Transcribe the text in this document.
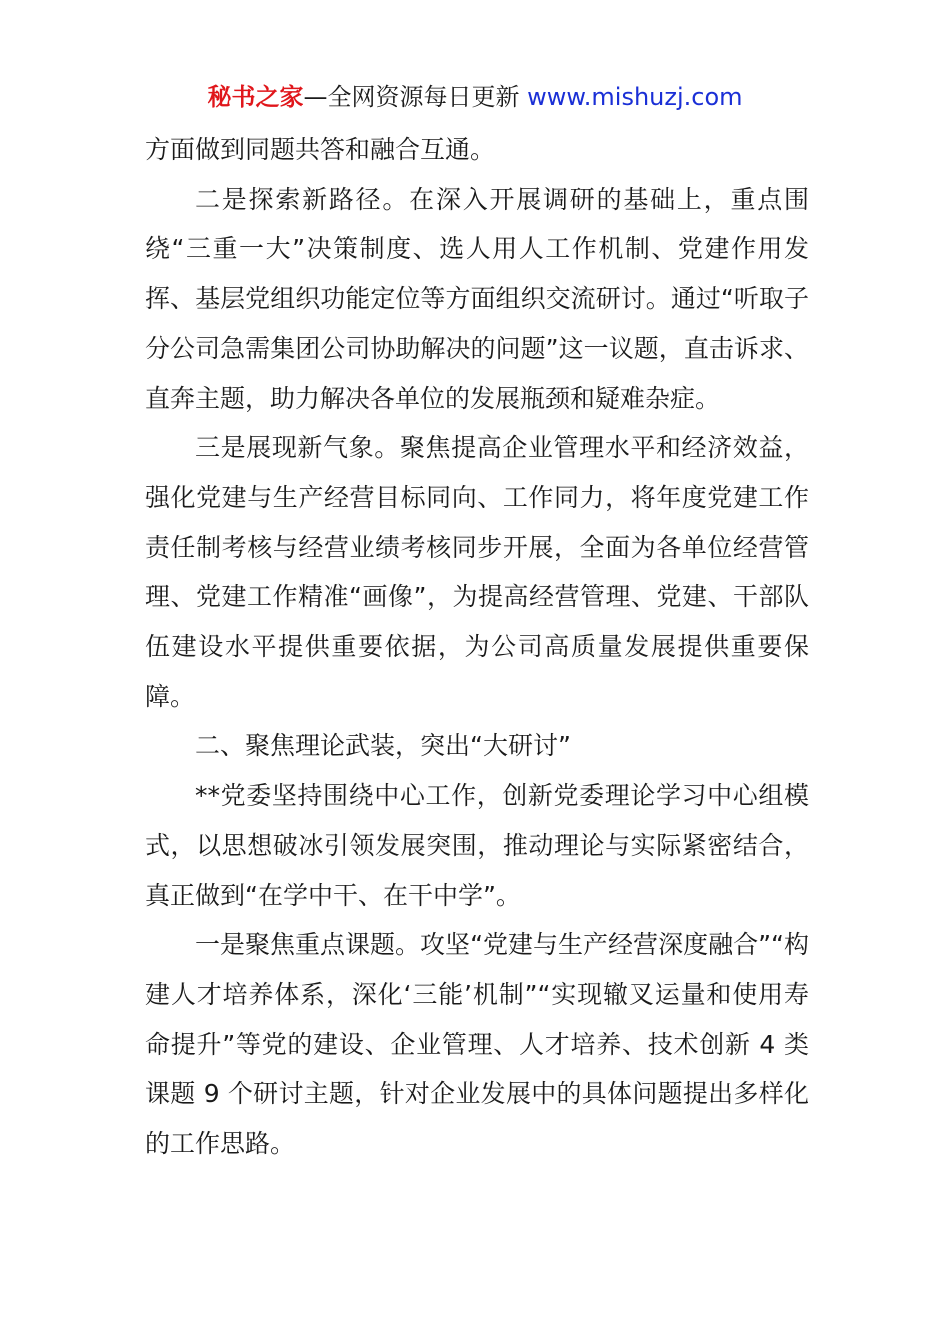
秘书之家—全网资源每日更新 www.mishuzj.com

方面做到同题共答和融合互通。

二是探索新路径。在深入开展调研的基础上，重点围绕“三重一大”决策制度、选人用人工作机制、党建作用发挥、基层党组织功能定位等方面组织交流研讨。通过“听取子分公司急需集团公司协助解决的问题”这一议题，直击诉求、直奔主题，助力解决各单位的发展瓶颈和疑难杂症。

三是展现新气象。聚焦提高企业管理水平和经济效益，强化党建与生产经营目标同向、工作同力，将年度党建工作责任制考核与经营业绩考核同步开展，全面为各单位经营管理、党建工作精准“画像”，为提高经营管理、党建、干部队伍建设水平提供重要依据，为公司高质量发展提供重要保障。

二、聚焦理论武装，突出“大研讨”

**党委坚持围绕中心工作，创新党委理论学习中心组模式，以思想破冰引领发展突围，推动理论与实际紧密结合，真正做到“在学中干、在干中学”。

一是聚焦重点课题。攻坚“党建与生产经营深度融合”“构建人才培养体系，深化‘三能’机制”“实现辙叉运量和使用寿命提升”等党的建设、企业管理、人才培养、技术创新 4 类课题 9 个研讨主题，针对企业发展中的具体问题提出多样化的工作思路。
